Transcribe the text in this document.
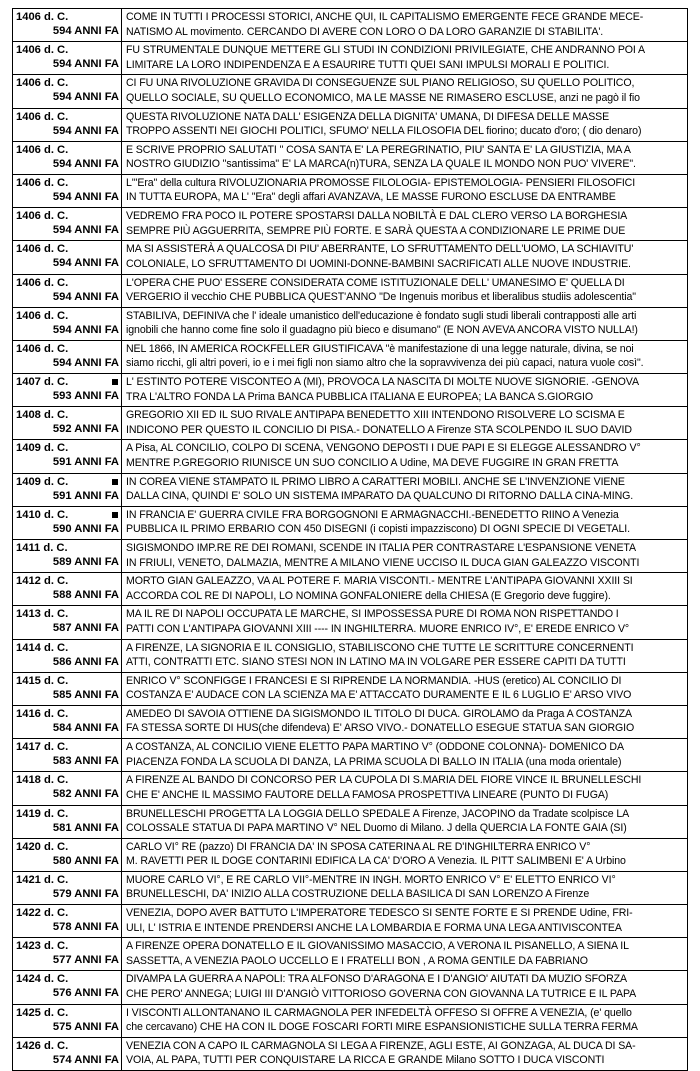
1406 d. C.
594 ANNI FA	COME IN TUTTI I PROCESSI STORICI, ANCHE QUI, IL CAPITALISMO EMERGENTE FECE GRANDE MECE-
NATISMO AL movimento. CERCANDO DI AVERE CON LORO O DA LORO GARANZIE DI STABILITA'.

1406 d. C.
594 ANNI FA	FU STRUMENTALE DUNQUE METTERE GLI STUDI IN CONDIZIONI PRIVILEGIATE, CHE ANDRANNO POI A
LIMITARE LA LORO INDIPENDENZA E A ESAURIRE TUTTI QUEI SANI IMPULSI MORALI E POLITICI.

1406 d. C.
594 ANNI FA	CI FU UNA RIVOLUZIONE GRAVIDA DI CONSEGUENZE SUL PIANO RELIGIOSO, SU QUELLO POLITICO,
QUELLO SOCIALE, SU QUELLO ECONOMICO, MA LE MASSE NE RIMASERO ESCLUSE, anzi ne pagò il fio

1406 d. C.
594 ANNI FA	QUESTA RIVOLUZIONE NATA DALL' ESIGENZA DELLA DIGNITA' UMANA, DI DIFESA DELLE MASSE
TROPPO ASSENTI NEI GIOCHI POLITICI, SFUMO' NELLA FILOSOFIA DEL fiorino; ducato d'oro; ( dio denaro)

1406 d. C.
594 ANNI FA	E SCRIVE PROPRIO SALUTATI " COSA SANTA E' LA PEREGRINATIO, PIU' SANTA E' LA GIUSTIZIA, MA A
NOSTRO GIUDIZIO "santissima" E' LA MARCA(n)TURA, SENZA LA QUALE IL MONDO NON PUO' VIVERE".

1406 d. C.
594 ANNI FA	L'"Era" della cultura RIVOLUZIONARIA PROMOSSE FILOLOGIA- EPISTEMOLOGIA- PENSIERI FILOSOFICI
IN TUTTA EUROPA, MA L' "Era" degli affari AVANZAVA, LE MASSE FURONO ESCLUSE DA ENTRAMBE

1406 d. C.
594 ANNI FA	VEDREMO FRA POCO IL POTERE SPOSTARSI DALLA NOBILTÀ E DAL CLERO VERSO LA BORGHESIA
SEMPRE PIÙ AGGUERRITA, SEMPRE PIÙ FORTE. E SARÀ QUESTA A CONDIZIONARE LE PRIME DUE

1406 d. C.
594 ANNI FA	MA SI ASSISTERÀ A QUALCOSA DI PIU' ABERRANTE, LO SFRUTTAMENTO DELL'UOMO, LA SCHIAVITU'
COLONIALE, LO SFRUTTAMENTO DI UOMINI-DONNE-BAMBINI SACRIFICATI ALLE NUOVE INDUSTRIE.

1406 d. C.
594 ANNI FA	L'OPERA CHE PUO' ESSERE CONSIDERATA COME ISTITUZIONALE DELL' UMANESIMO E' QUELLA DI
VERGERIO il vecchio CHE PUBBLICA QUEST'ANNO "De Ingenuis moribus et liberalibus studiis adolescentia"

1406 d. C.
594 ANNI FA	STABILIVA, DEFINIVA che l' ideale umanistico dell'educazione è fondato sugli studi liberali contrapposti alle arti
ignobili che hanno come fine solo il guadagno più bieco e disumano" (E NON AVEVA ANCORA VISTO NULLA!)

1406 d. C.
594 ANNI FA	NEL 1866, IN AMERICA ROCKFELLER GIUSTIFICAVA "è manifestazione di una legge naturale, divina, se noi
siamo ricchi, gli altri poveri, io e i mei figli non siamo altro che la sopravvivenza dei più capaci, natura vuole così".

1407 d. C.
593 ANNI FA	L' ESTINTO POTERE VISCONTEO A (MI), PROVOCA LA NASCITA DI MOLTE NUOVE SIGNORIE. -GENOVA
TRA L'ALTRO FONDA LA Prima BANCA PUBBLICA ITALIANA E EUROPEA; LA BANCA S.GIORGIO

1408 d. C.
592 ANNI FA	GREGORIO XII ED IL SUO RIVALE ANTIPAPA BENEDETTO XIII INTENDONO RISOLVERE LO SCISMA E
INDICONO PER QUESTO IL CONCILIO DI PISA.- DONATELLO A Firenze STA SCOLPENDO IL SUO DAVID

1409 d. C.
591 ANNI FA	A Pisa, AL CONCILIO, COLPO DI SCENA, VENGONO DEPOSTI I DUE PAPI E SI ELEGGE ALESSANDRO V°
MENTRE P.GREGORIO RIUNISCE UN SUO CONCILIO A Udine, MA DEVE FUGGIRE IN GRAN FRETTA

1409 d. C.
591 ANNI FA	IN COREA VIENE STAMPATO IL PRIMO LIBRO A CARATTERI MOBILI. ANCHE SE L'INVENZIONE VIENE
DALLA CINA, QUINDI E' SOLO UN SISTEMA IMPARATO DA QUALCUNO DI RITORNO DALLA CINA-MING.

1410 d. C.
590 ANNI FA	IN FRANCIA E' GUERRA CIVILE FRA BORGOGNONI E ARMAGNACCHI.-BENEDETTO RIINO A Venezia
PUBBLICA IL PRIMO ERBARIO CON 450 DISEGNI (i copisti impazziscono) DI OGNI SPECIE DI VEGETALI.

1411 d. C.
589 ANNI FA	SIGISMONDO IMP.RE RE DEI ROMANI, SCENDE IN ITALIA PER CONTRASTARE L'ESPANSIONE VENETA
IN FRIULI, VENETO, DALMAZIA, MENTRE A MILANO VIENE UCCISO IL DUCA GIAN GALEAZZO VISCONTI

1412 d. C.
588 ANNI FA	MORTO GIAN GALEAZZO, VA AL POTERE F. MARIA VISCONTI.- MENTRE L'ANTIPAPA GIOVANNI XXIII SI
ACCORDA COL RE DI NAPOLI, LO NOMINA GONFALONIERE della CHIESA (E Gregorio deve fuggire).

1413 d. C.
587 ANNI FA	MA IL RE DI NAPOLI OCCUPATA LE MARCHE, SI IMPOSSESSA PURE DI ROMA NON RISPETTANDO I
PATTI CON L'ANTIPAPA GIOVANNI XIII ---- IN INGHILTERRA. MUORE ENRICO IV°, E' EREDE ENRICO V°

1414 d. C.
586 ANNI FA	A FIRENZE, LA SIGNORIA E IL CONSIGLIO, STABILISCONO CHE TUTTE LE SCRITTURE CONCERNENTI
ATTI, CONTRATTI ETC. SIANO STESI NON IN LATINO MA IN VOLGARE PER ESSERE CAPITI DA TUTTI

1415 d. C.
585 ANNI FA	ENRICO V° SCONFIGGE I FRANCESI E SI RIPRENDE LA NORMANDIA. -HUS (eretico) AL CONCILIO DI
COSTANZA E' AUDACE CON LA SCIENZA MA E' ATTACCATO DURAMENTE E IL 6 LUGLIO E' ARSO VIVO

1416 d. C.
584 ANNI FA	AMEDEO DI SAVOIA OTTIENE DA SIGISMONDO IL TITOLO DI DUCA. GIROLAMO da Praga A COSTANZA
FA STESSA SORTE DI HUS(che difendeva) E' ARSO VIVO.- DONATELLO ESEGUE STATUA SAN GIORGIO

1417 d. C.
583 ANNI FA	A COSTANZA, AL CONCILIO VIENE ELETTO PAPA MARTINO V° (ODDONE COLONNA)- DOMENICO DA
PIACENZA FONDA LA SCUOLA DI DANZA, LA PRIMA SCUOLA DI BALLO IN ITALIA (una moda orientale)

1418 d. C.
582 ANNI FA	A FIRENZE AL BANDO DI CONCORSO PER LA CUPOLA DI S.MARIA DEL FIORE VINCE IL BRUNELLESCHI
CHE E' ANCHE IL MASSIMO FAUTORE DELLA FAMOSA PROSPETTIVA LINEARE (PUNTO DI FUGA)

1419 d. C.
581 ANNI FA	BRUNELLESCHI PROGETTA LA LOGGIA DELLO SPEDALE A Firenze, JACOPINO da Tradate scolpisce LA
COLOSSALE STATUA DI PAPA MARTINO V° NEL Duomo di Milano. J della QUERCIA LA FONTE GAIA (SI)

1420 d. C.
580 ANNI FA	CARLO VI° RE (pazzo) DI FRANCIA DA' IN SPOSA CATERINA AL RE D'INGHILTERRA ENRICO V°
M. RAVETTI PER IL DOGE CONTARINI EDIFICA LA CA' D'ORO A Venezia. IL PITT SALIMBENI E' A Urbino

1421 d. C.
579 ANNI FA	MUORE CARLO VI°, E RE CARLO VII°-MENTRE IN INGH. MORTO ENRICO V° E' ELETTO ENRICO VI°
BRUNELLESCHI, DA' INIZIO ALLA COSTRUZIONE DELLA BASILICA DI SAN LORENZO A Firenze

1422 d. C.
578 ANNI FA	VENEZIA, DOPO AVER BATTUTO L'IMPERATORE TEDESCO SI SENTE FORTE E SI PRENDE Udine, FRI-
ULI, L' ISTRIA E INTENDE PRENDERSI ANCHE LA LOMBARDIA E FORMA UNA LEGA ANTIVISCONTEA

1423 d. C.
577 ANNI FA	A FIRENZE OPERA DONATELLO E IL GIOVANISSIMO MASACCIO, A VERONA IL PISANELLO, A SIENA IL
SASSETTA, A VENEZIA PAOLO UCCELLO E I FRATELLI BON , A ROMA GENTILE DA FABRIANO

1424 d. C.
576 ANNI FA	DIVAMPA LA GUERRA A NAPOLI: TRA ALFONSO D'ARAGONA E I D'ANGIO' AIUTATI DA MUZIO SFORZA
CHE PERO' ANNEGA; LUIGI III D'ANGIÒ VITTORIOSO GOVERNA CON GIOVANNA LA TUTRICE E IL PAPA

1425 d. C.
575 ANNI FA	I VISCONTI ALLONTANANO IL CARMAGNOLA PER INFEDELTÀ OFFESO SI OFFRE A VENEZIA, (e' quello
che cercavano) CHE HA CON IL DOGE FOSCARI FORTI MIRE ESPANSIONISTICHE SULLA TERRA FERMA

1426 d. C.
574 ANNI FA	VENEZIA CON A CAPO IL CARMAGNOLA SI LEGA A FIRENZE, AGLI ESTE, AI GONZAGA, AL DUCA DI SA-
VOIA, AL PAPA, TUTTI PER CONQUISTARE LA RICCA E GRANDE Milano SOTTO I DUCA VISCONTI
